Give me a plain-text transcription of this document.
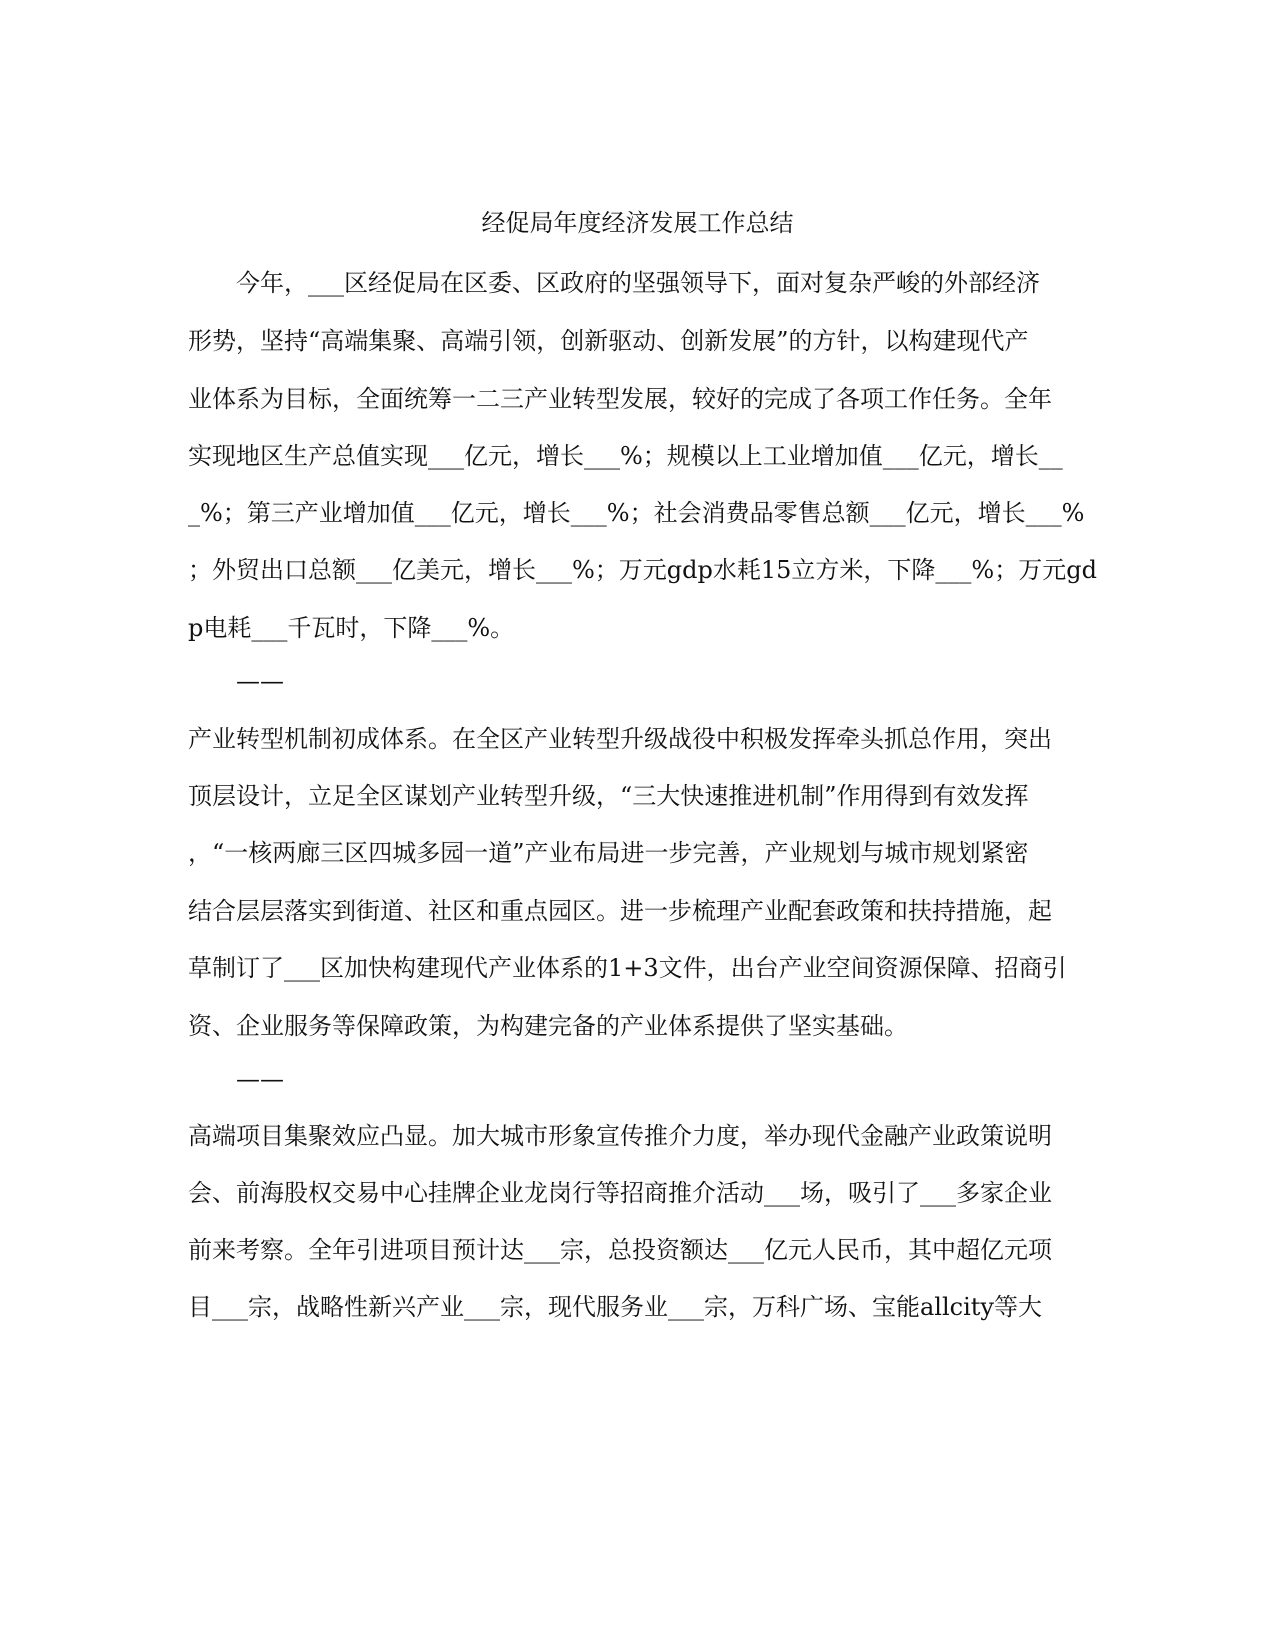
经促局年度经济发展工作总结

今年，___区经促局在区委、区政府的坚强领导下，面对复杂严峻的外部经济

形势，坚持“高端集聚、高端引领，创新驱动、创新发展”的方针，以构建现代产

业体系为目标，全面统筹一二三产业转型发展，较好的完成了各项工作任务。全年

实现地区生产总值实现___亿元，增长___%；规模以上工业增加值___亿元，增长__

_%；第三产业增加值___亿元，增长___%；社会消费品零售总额___亿元，增长___%

；外贸出口总额___亿美元，增长___%；万元gdp水耗15立方米，下降___%；万元gd

p电耗___千瓦时，下降___%。

——

产业转型机制初成体系。在全区产业转型升级战役中积极发挥牵头抓总作用，突出

顶层设计，立足全区谋划产业转型升级，“三大快速推进机制”作用得到有效发挥

，“一核两廊三区四城多园一道”产业布局进一步完善，产业规划与城市规划紧密

结合层层落实到街道、社区和重点园区。进一步梳理产业配套政策和扶持措施，起

草制订了___区加快构建现代产业体系的1+3文件，出台产业空间资源保障、招商引

资、企业服务等保障政策，为构建完备的产业体系提供了坚实基础。

——

高端项目集聚效应凸显。加大城市形象宣传推介力度，举办现代金融产业政策说明

会、前海股权交易中心挂牌企业龙岗行等招商推介活动___场，吸引了___多家企业

前来考察。全年引进项目预计达___宗，总投资额达___亿元人民币，其中超亿元项

目___宗，战略性新兴产业___宗，现代服务业___宗，万科广场、宝能allcity等大
